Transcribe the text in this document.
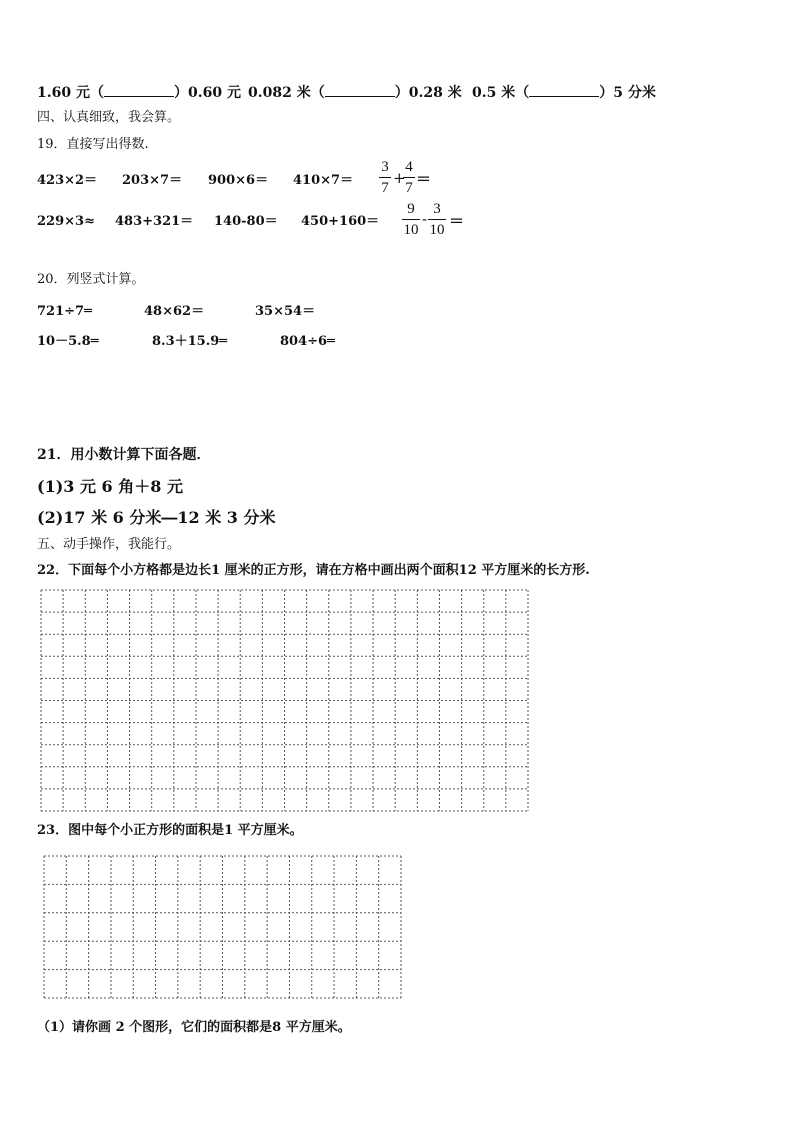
1.60 元（	）0.60 元 0.082 米（	）0.28 米 0.5 米（	）5 分米
四、认真细致，我会算。
19．直接写出得数.
423×2＝ 203×7＝ 900×6＝ 410×7＝
3
7
+
4
7 ＝
229×3≈ 483+321＝ 140-80＝ 450+160＝
9
10
-
3
10 ＝
20．列竖式计算。
721÷7═	48×62＝	35×54＝
10－5.8═	8.3＋15.9═	804÷6═
21．用小数计算下面各题．
(1)3 元 6 角＋8 元
(2)17 米 6 分米―12 米 3 分米
五、动手操作，我能行。
22．下面每个小方格都是边长1 厘米的正方形，请在方格中画出两个面积12 平方厘米的长方形.
23．图中每个小正方形的面积是1 平方厘米。
（1）请你画 2 个图形，它们的面积都是8 平方厘米。
